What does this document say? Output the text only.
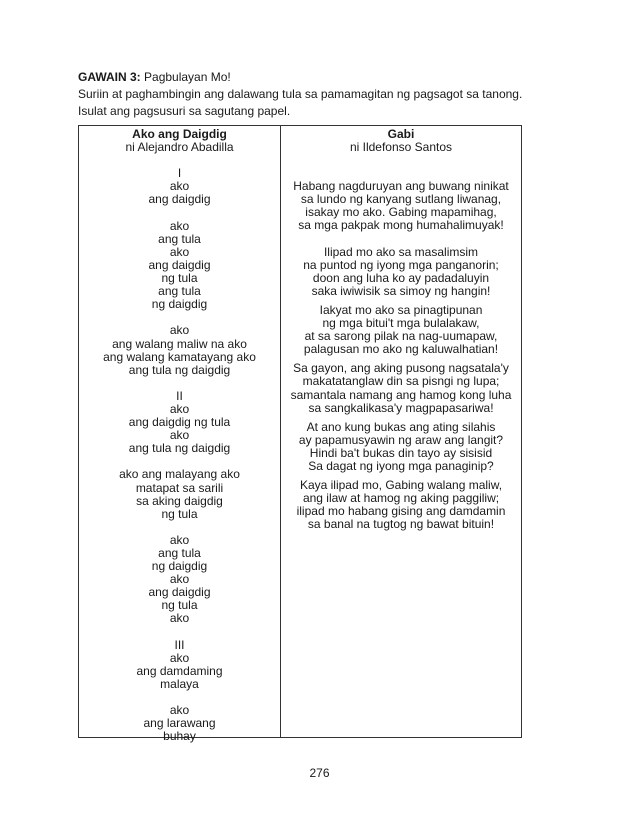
GAWAIN 3: Pagbulayan Mo!
Suriin at paghambingin ang dalawang tula sa pamamagitan ng pagsagot sa tanong.
Isulat ang pagsusuri sa sagutang papel.
Ako ang Daigdig
ni Alejandro Abadilla
I
ako
ang daigdig
ako
ang tula
ako
ang daigdig
ng tula
ang tula
ng daigdig
ako
ang walang maliw na ako
ang walang kamatayang ako
ang tula ng daigdig
II
ako
ang daigdig ng tula
ako
ang tula ng daigdig
ako ang malayang ako
matapat sa sarili
sa aking daigdig
ng tula
ako
ang tula
ng daigdig
ako
ang daigdig
ng tula
ako
III
ako
ang damdaming
malaya
ako
ang larawang
buhay
Gabi
ni Ildefonso Santos
Habang nagduruyan ang buwang ninikat
sa lundo ng kanyang sutlang liwanag,
isakay mo ako. Gabing mapamihag,
sa mga pakpak mong humahalimuyak!
Ilipad mo ako sa masalimsim
na puntod ng iyong mga panganorin;
doon ang luha ko ay padadaluyin
saka iwiwisik sa simoy ng hangin!
Iakyat mo ako sa pinagtipunan
ng mga bitui't mga bulalakaw,
at sa sarong pilak na nag-uumapaw,
palagusan mo ako ng kaluwalhatian!
Sa gayon, ang aking pusong nagsatala'y
makatatanglaw din sa pisngi ng lupa;
samantala namang ang hamog kong luha
sa sangkalikasa'y magpapasariwa!
At ano kung bukas ang ating silahis
ay papamusyawin ng araw ang langit?
Hindi ba't bukas din tayo ay sisisid
Sa dagat ng iyong mga panaginip?
Kaya ilipad mo, Gabing walang maliw,
ang ilaw at hamog ng aking paggiliw;
ilipad mo habang gising ang damdamin
sa banal na tugtog ng bawat bituin!
276
